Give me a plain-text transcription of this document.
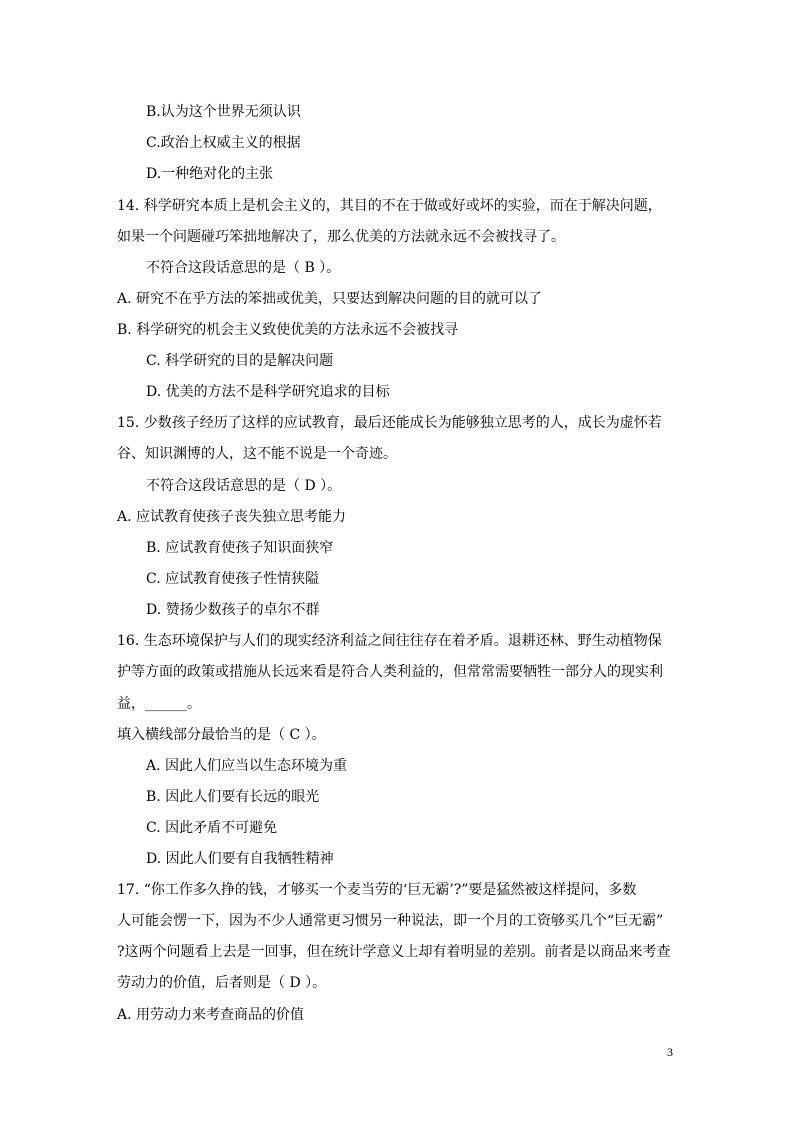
B.认为这个世界无须认识
C.政治上权威主义的根据
D.一种绝对化的主张
14. 科学研究本质上是机会主义的，其目的不在于做或好或坏的实验，而在于解决问题，
如果一个问题碰巧笨拙地解决了，那么优美的方法就永远不会被找寻了。
不符合这段话意思的是（ B ）。
A. 研究不在乎方法的笨拙或优美，只要达到解决问题的目的就可以了
B. 科学研究的机会主义致使优美的方法永远不会被找寻
C. 科学研究的目的是解决问题
D. 优美的方法不是科学研究追求的目标
15. 少数孩子经历了这样的应试教育，最后还能成长为能够独立思考的人，成长为虚怀若
谷、知识渊博的人，这不能不说是一个奇迹。
不符合这段话意思的是（ D ）。
A. 应试教育使孩子丧失独立思考能力
B. 应试教育使孩子知识面狭窄
C. 应试教育使孩子性情狭隘
D. 赞扬少数孩子的卓尔不群
16. 生态环境保护与人们的现实经济利益之间往往存在着矛盾。退耕还林、野生动植物保
护等方面的政策或措施从长远来看是符合人类利益的，但常常需要牺牲一部分人的现实利
益，______。
填入横线部分最恰当的是（ C ）。
A. 因此人们应当以生态环境为重
B. 因此人们要有长远的眼光
C. 因此矛盾不可避免
D. 因此人们要有自我牺牲精神
17. “你工作多久挣的钱，才够买一个麦当劳的‘巨无霸’?”要是猛然被这样提问，多数
人可能会愣一下，因为不少人通常更习惯另一种说法，即一个月的工资够买几个“巨无霸”
?这两个问题看上去是一回事，但在统计学意义上却有着明显的差别。前者是以商品来考查
劳动力的价值，后者则是（ D ）。
A. 用劳动力来考查商品的价值
3
